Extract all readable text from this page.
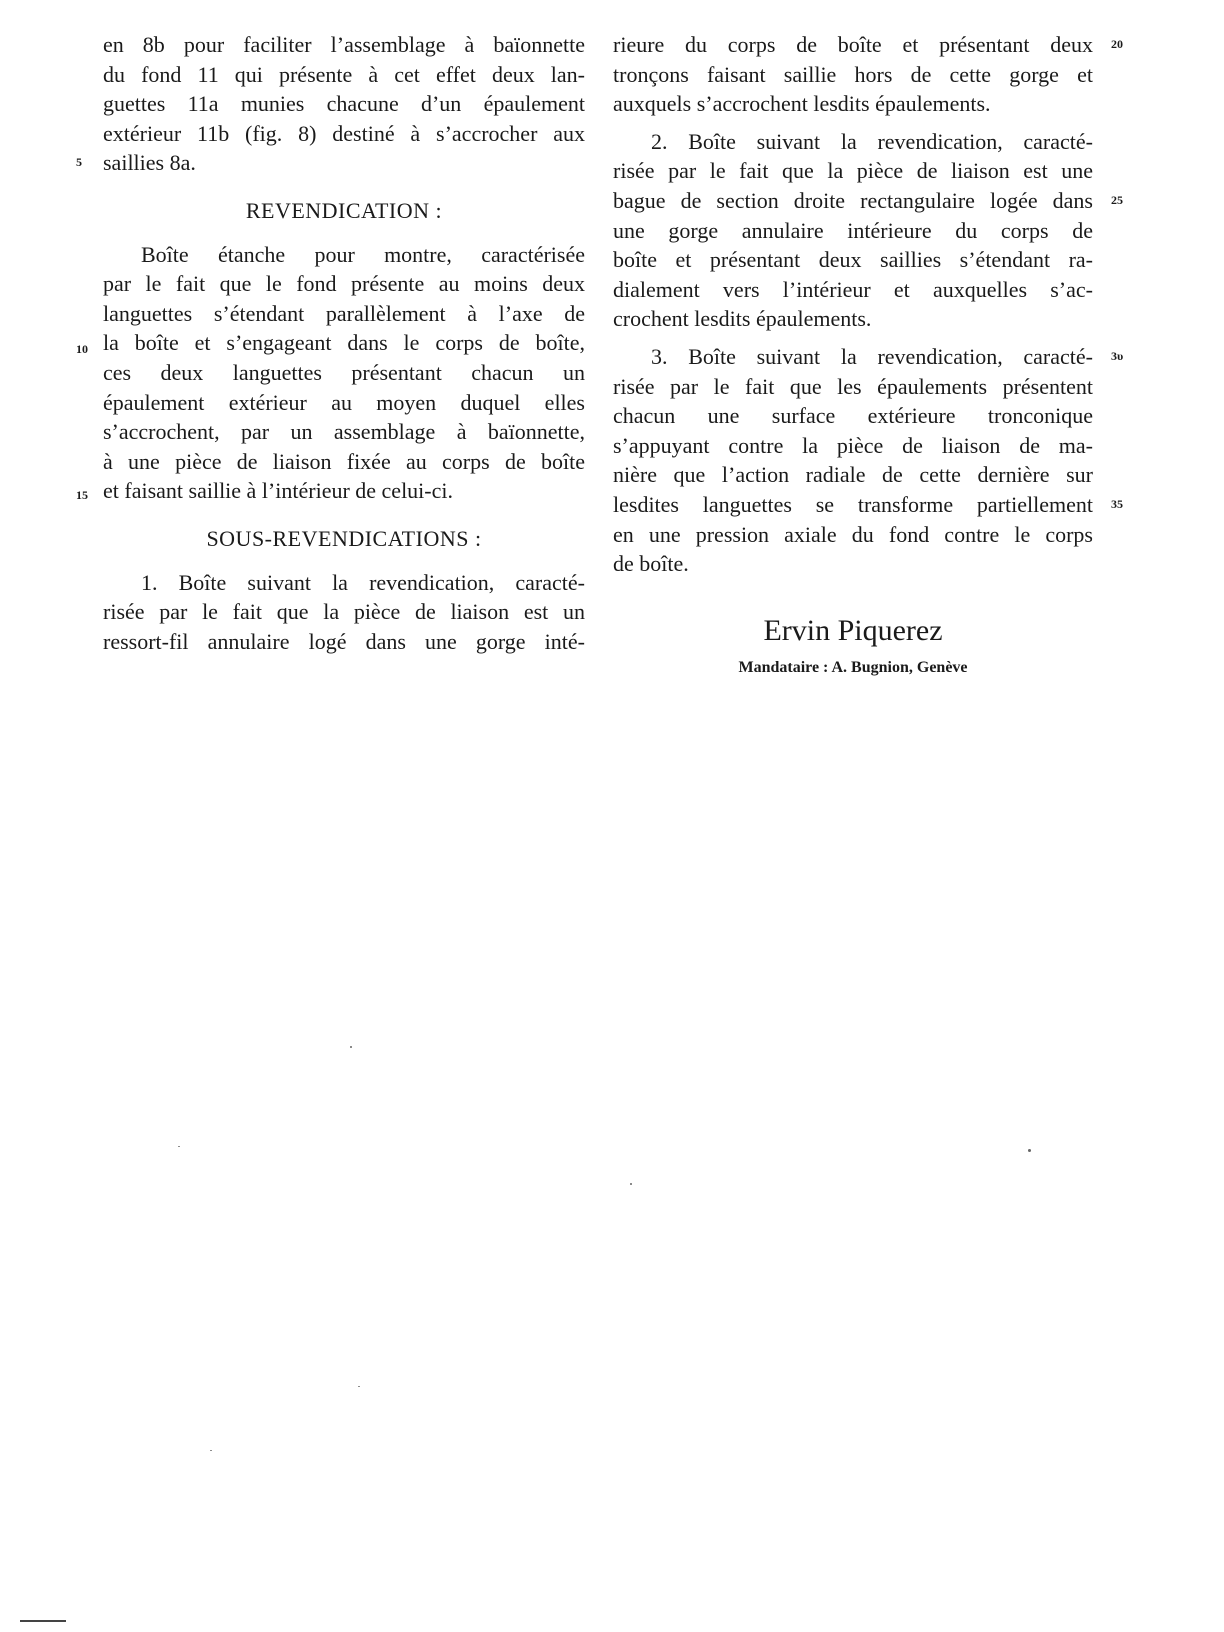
en 8b pour faciliter l’assemblage à baïonnette
du fond 11 qui présente à cet effet deux lan-
guettes 11a munies chacune d’un épaulement
extérieur 11b (fig. 8) destiné à s’accrocher aux
saillies 8a.
REVENDICATION :
Boîte étanche pour montre, caractérisée
par le fait que le fond présente au moins deux
languettes s’étendant parallèlement à l’axe de
la boîte et s’engageant dans le corps de boîte,
ces deux languettes présentant chacun un
épaulement extérieur au moyen duquel elles
s’accrochent, par un assemblage à baïonnette,
à une pièce de liaison fixée au corps de boîte
et faisant saillie à l’intérieur de celui-ci.
SOUS-REVENDICATIONS :
1. Boîte suivant la revendication, caracté-
risée par le fait que la pièce de liaison est un
ressort-fil annulaire logé dans une gorge inté-
rieure du corps de boîte et présentant deux
tronçons faisant saillie hors de cette gorge et
auxquels s’accrochent lesdits épaulements.
2. Boîte suivant la revendication, caracté-
risée par le fait que la pièce de liaison est une
bague de section droite rectangulaire logée dans
une gorge annulaire intérieure du corps de
boîte et présentant deux saillies s’étendant ra-
dialement vers l’intérieur et auxquelles s’ac-
crochent lesdits épaulements.
3. Boîte suivant la revendication, caracté-
risée par le fait que les épaulements présentent
chacun une surface extérieure tronconique
s’appuyant contre la pièce de liaison de ma-
nière que l’action radiale de cette dernière sur
lesdites languettes se transforme partiellement
en une pression axiale du fond contre le corps
de boîte.
Ervin Piquerez
Mandataire : A. Bugnion, Genève
5
10
15
20
25
3υ
35
